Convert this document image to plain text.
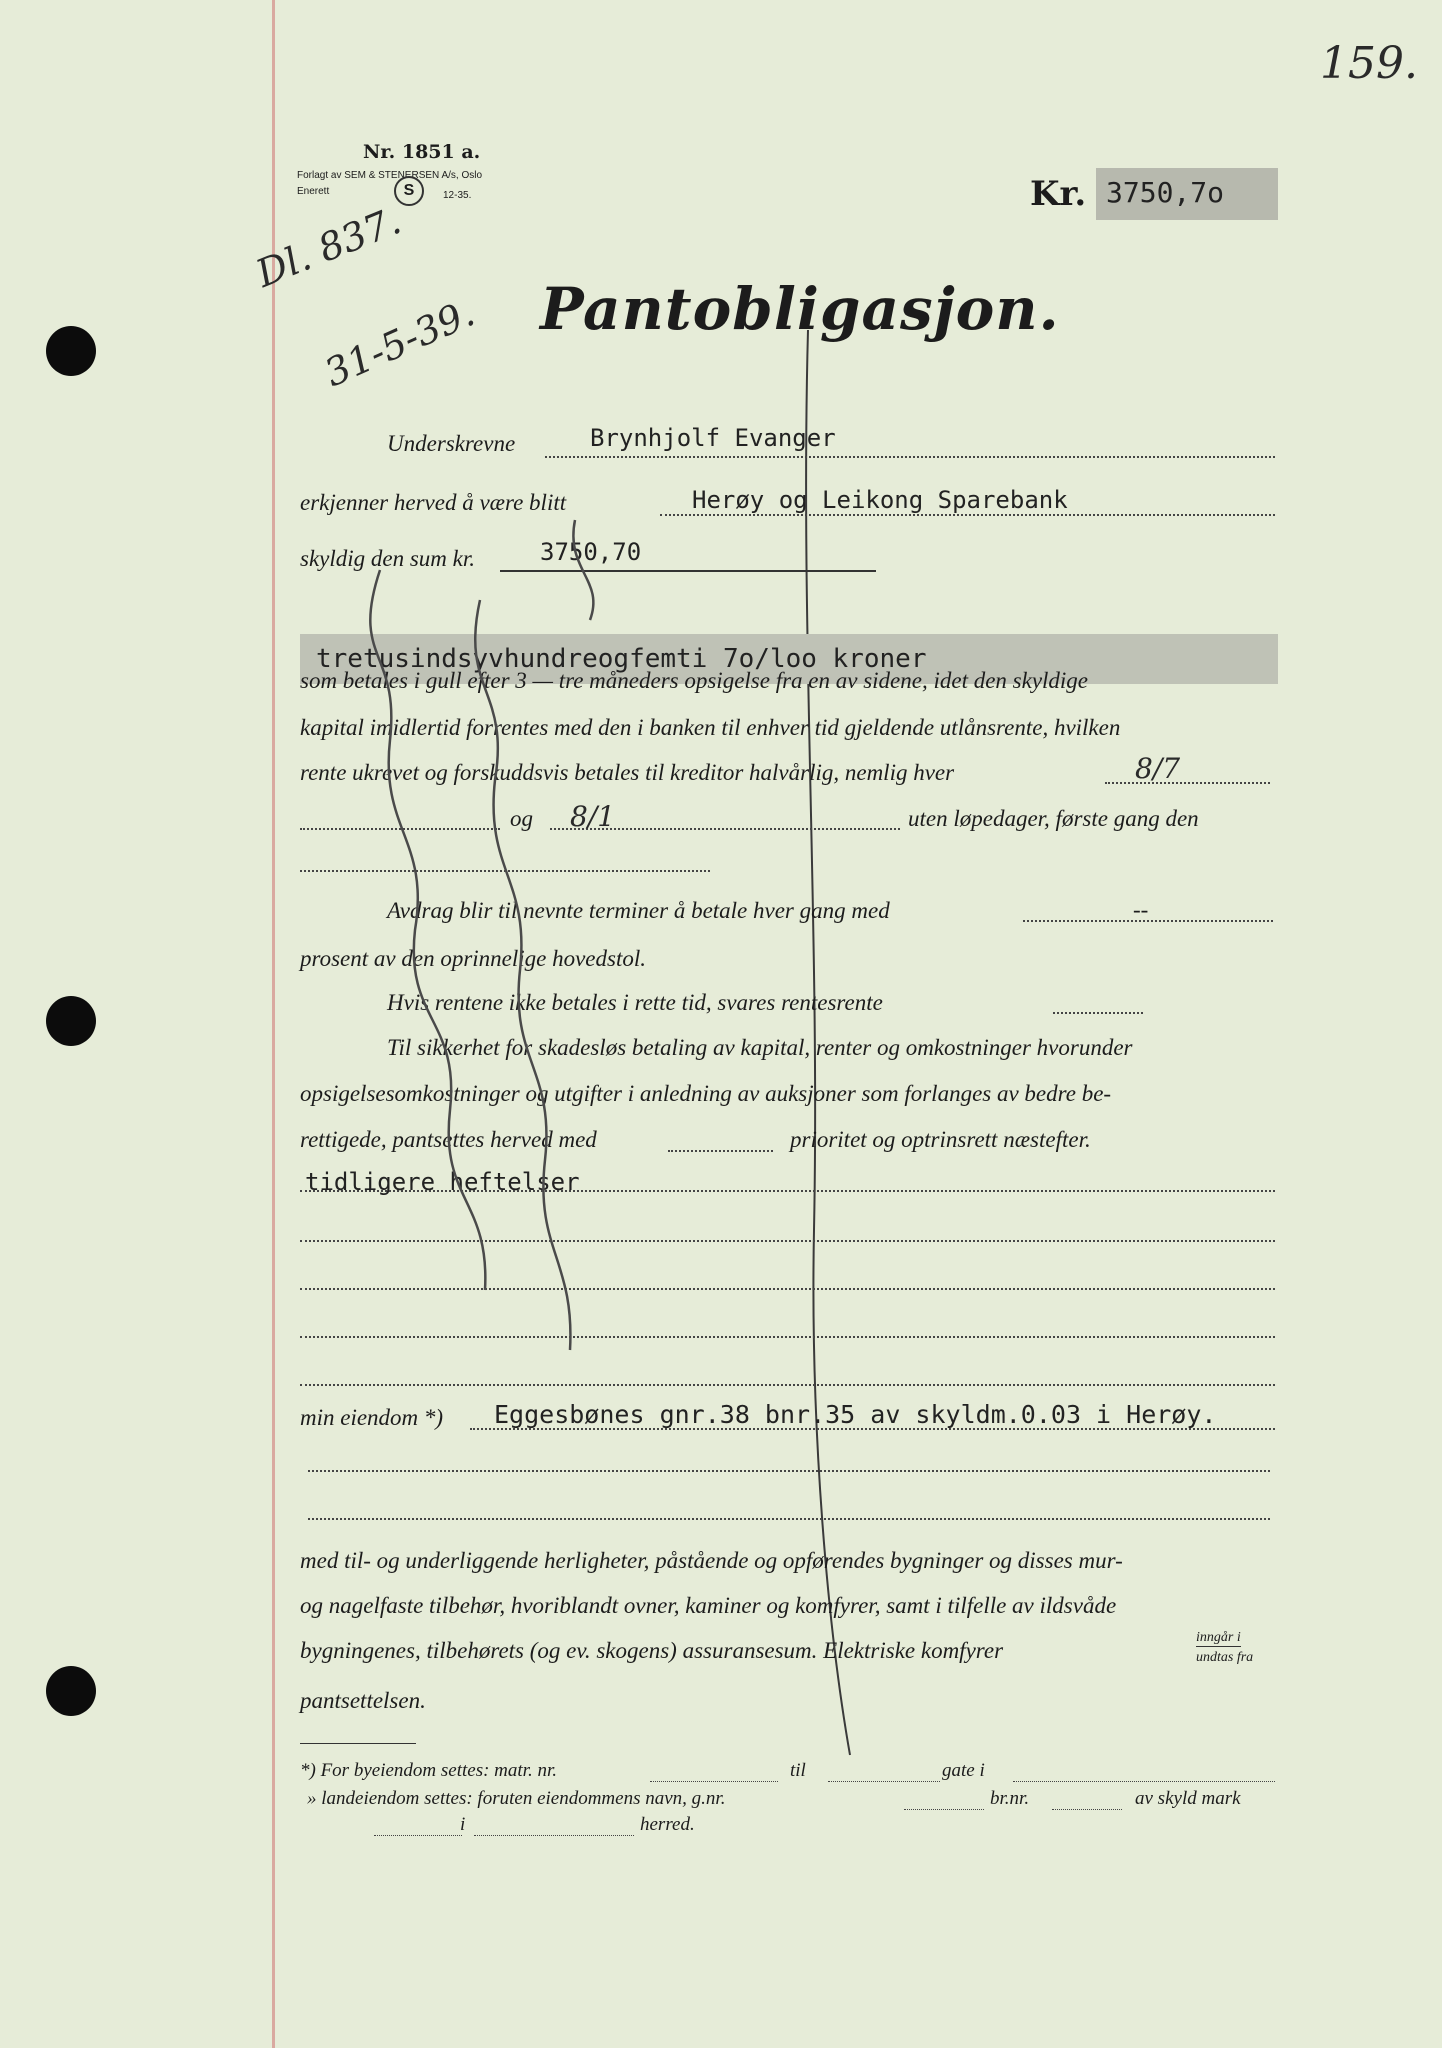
159.
Nr. 1851 a.
Forlagt av SEM & STENERSEN A/s, Oslo
Enerett	S	12-35.	Kr. 3750,7o
Dl. 837.
31-5-39. Pantobligasjon.
Underskrevne	Brynhjolf Evanger
erkjenner herved å være blitt	Herøy og Leikong Sparebank
skyldig den sum kr.	3750,70
tretusindsyvhundreogfemti 7o/loo kroner
som betales i gull efter 3 — tre måneders opsigelse fra en av sidene, idet den skyldige
kapital imidlertid forrentes med den i banken til enhver tid gjeldende utlånsrente, hvilken
rente ukrevet og forskuddsvis betales til kreditor halvårlig, nemlig hver	8/7
og 8/1	uten løpedager, første gang den
Avdrag blir til nevnte terminer å betale hver gang med	--
prosent av den oprinnelige hovedstol.
Hvis rentene ikke betales i rette tid, svares rentesrente
Til sikkerhet for skadesløs betaling av kapital, renter og omkostninger hvorunder
opsigelsesomkostninger og utgifter i anledning av auksjoner som forlanges av bedre be-
rettigede, pantsettes herved med	prioritet og optrinsrett næstefter.
tidligere heftelser
min eiendom *) Eggesbønes gnr.38 bnr.35 av skyldm.0.03 i Herøy.
med til- og underliggende herligheter, påstående og opførendes bygninger og disses mur-
og nagelfaste tilbehør, hvoriblandt ovner, kaminer og komfyrer, samt i tilfelle av ildsvåde
bygningenes, tilbehørets (og ev. skogens) assuransesum. Elektriske komfyrer
inngår i
undtas fra
pantsettelsen.
*) For byeiendom settes: matr. nr.	til	gate i
» landeiendom settes: foruten eiendommens navn, g.nr.	br.nr.	av skyld mark
i	herred.
